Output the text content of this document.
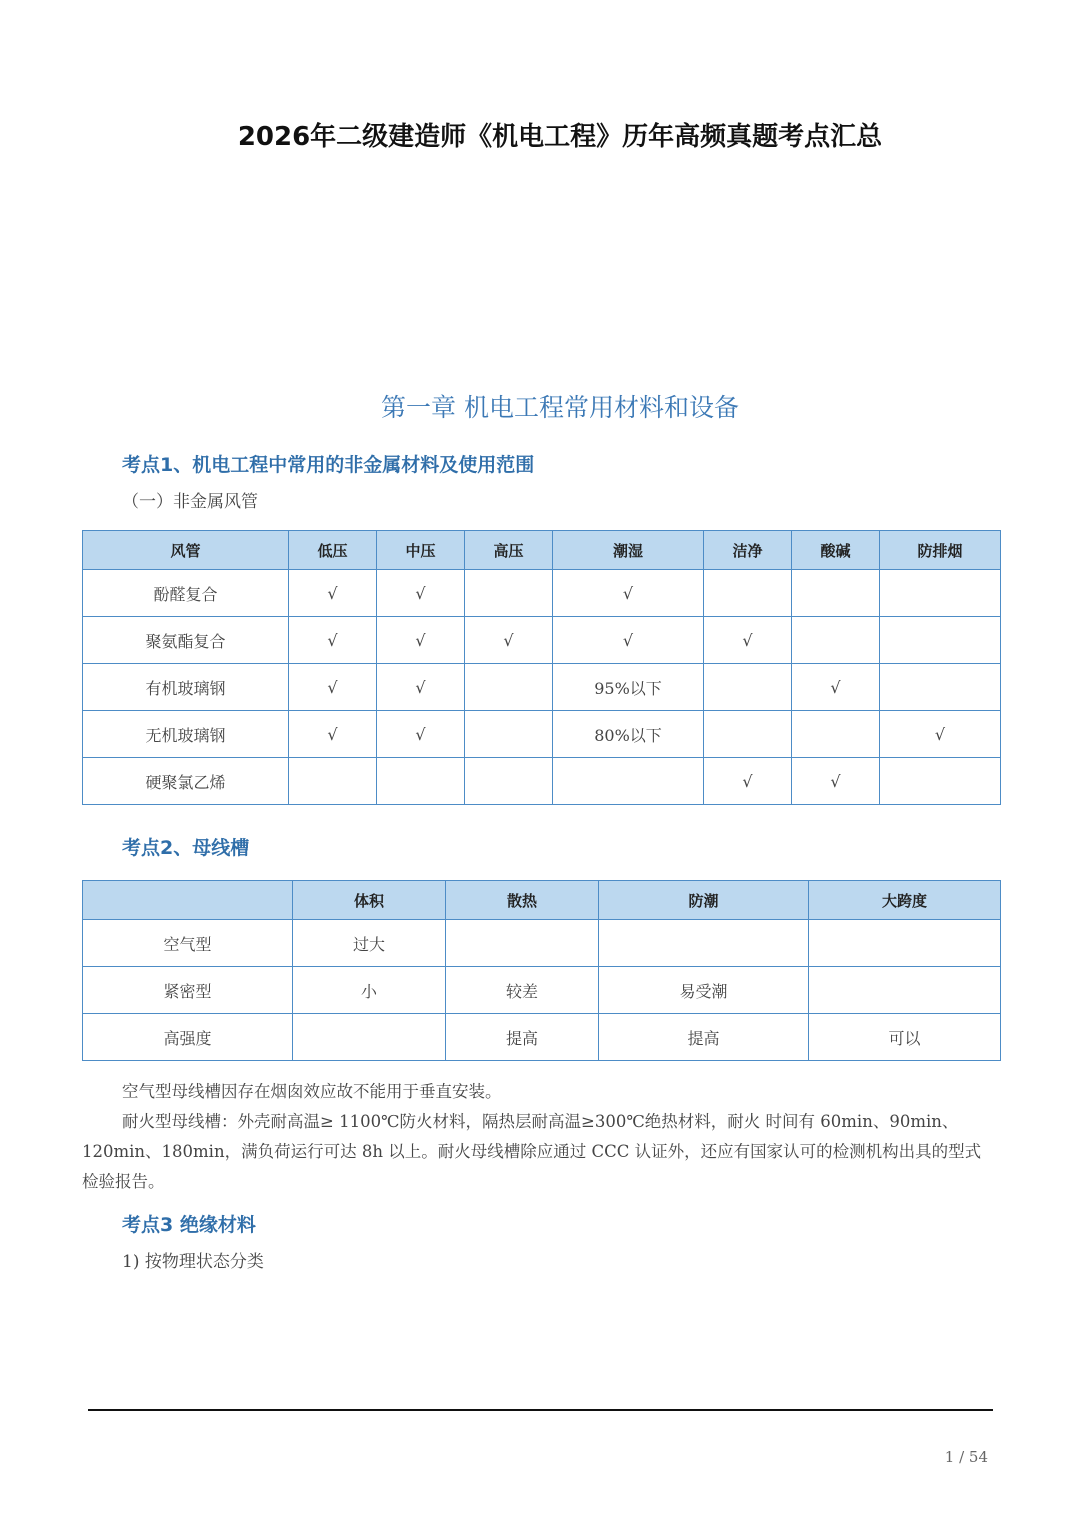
2026年二级建造师《机电工程》历年高频真题考点汇总
第一章 机电工程常用材料和设备
考点1、机电工程中常用的非金属材料及使用范围
（一）非金属风管
风管	低压	中压	高压	潮湿	洁净	酸碱	防排烟
酚醛复合	√	√		√			
聚氨酯复合	√	√	√	√	√		
有机玻璃钢	√	√		95%以下		√	
无机玻璃钢	√	√		80%以下			√
硬聚氯乙烯					√	√	
考点2、母线槽
	体积	散热	防潮	大跨度
空气型	过大			
紧密型	小	较差	易受潮	
高强度		提高	提高	可以
空气型母线槽因存在烟囱效应故不能用于垂直安装。
耐火型母线槽：外壳耐高温≥ 1100℃防火材料，隔热层耐高温≥300℃绝热材料，耐火 时间有 60min、90min、120min、180min，满负荷运行可达 8h 以上。耐火母线槽除应通过 CCC 认证外，还应有国家认可的检测机构出具的型式检验报告。
考点3 绝缘材料
1) 按物理状态分类
1 / 54
